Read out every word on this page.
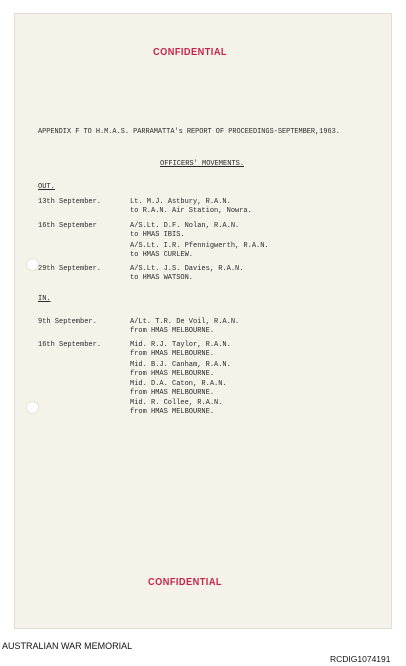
CONFIDENTIAL
APPENDIX F TO H.M.A.S. PARRAMATTA's REPORT OF PROCEEDINGS-SEPTEMBER,1963.
OFFICERS' MOVEMENTS.
OUT.
13th September.	Lt. M.J. Astbury, R.A.N.
to R.A.N. Air Station, Nowra.
16th September	A/S.Lt. D.F. Nolan, R.A.N.
to HMAS IBIS.
A/S.Lt. I.R. Pfennigwerth, R.A.N.
to HMAS CURLEW.
29th September.	A/S.Lt. J.S. Davies, R.A.N.
to HMAS WATSON.
IN.
9th September.	A/Lt. T.R. De Voil, R.A.N.
from HMAS MELBOURNE.
16th September.	Mid. R.J. Taylor, R.A.N.
from HMAS MELBOURNE.
Mid. B.J. Canham, R.A.N.
from HMAS MELBOURNE.
Mid. D.A. Caton, R.A.N.
from HMAS MELBOURNE.
Mid. R. Collee, R.A.N.
from HMAS MELBOURNE.
CONFIDENTIAL
AUSTRALIAN WAR MEMORIAL
RCDIG1074191
